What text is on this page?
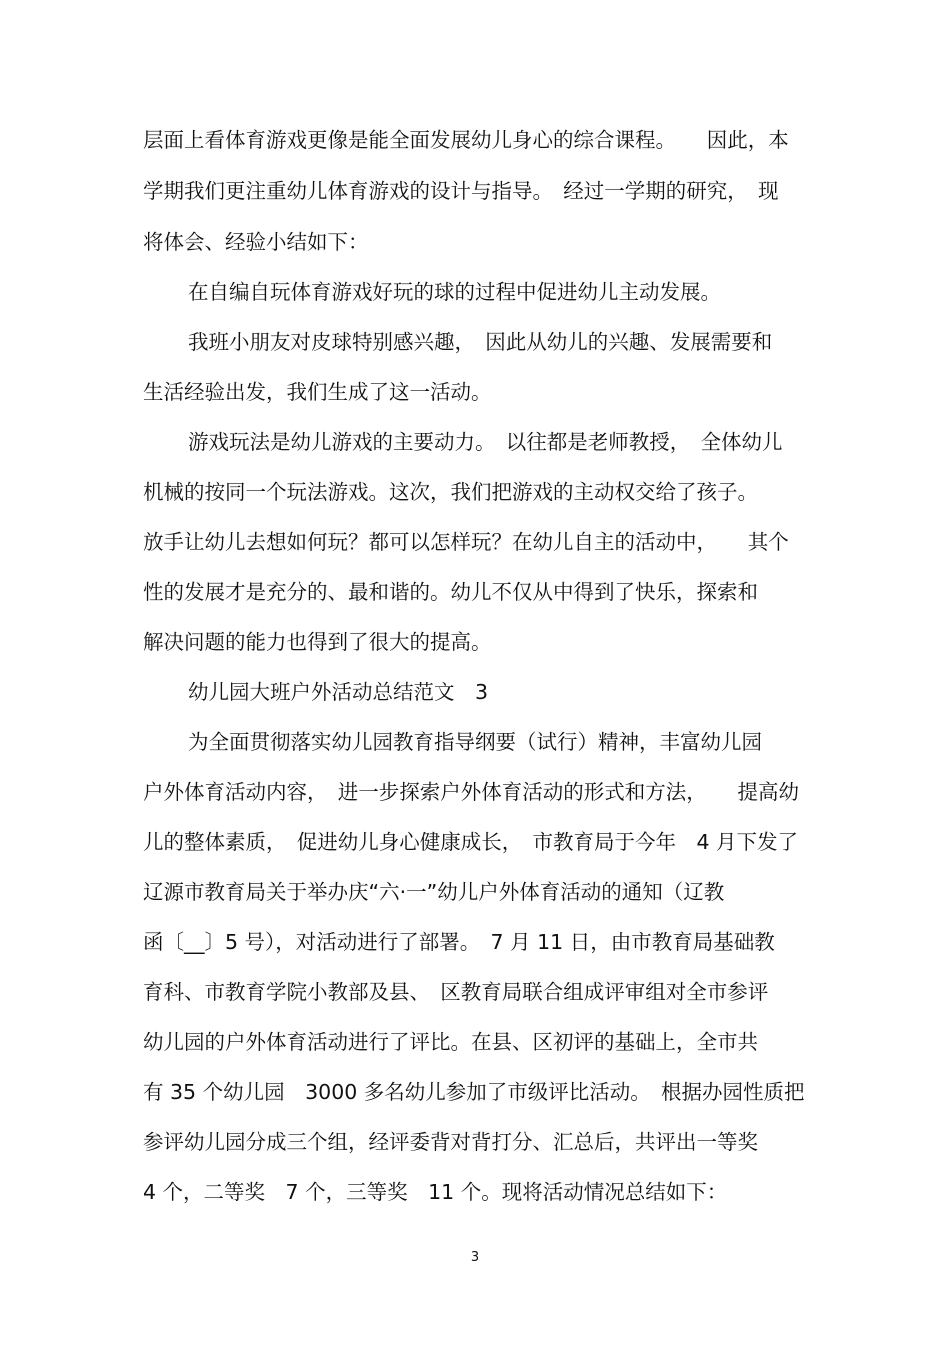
层面上看体育游戏更像是能全面发展幼儿身心的综合课程。　　因此，本
学期我们更注重幼儿体育游戏的设计与指导。　经过一学期的研究，　现
将体会、经验小结如下：
在自编自玩体育游戏好玩的球的过程中促进幼儿主动发展。
我班小朋友对皮球特别感兴趣，　因此从幼儿的兴趣、发展需要和
生活经验出发，我们生成了这一活动。
游戏玩法是幼儿游戏的主要动力。　以往都是老师教授，　全体幼儿
机械的按同一个玩法游戏。这次，我们把游戏的主动权交给了孩子。
放手让幼儿去想如何玩？都可以怎样玩？在幼儿自主的活动中，　　其个
性的发展才是充分的、最和谐的。幼儿不仅从中得到了快乐，探索和
解决问题的能力也得到了很大的提高。
幼儿园大班户外活动总结范文　3
为全面贯彻落实幼儿园教育指导纲要（试行）精神，丰富幼儿园
户外体育活动内容，　进一步探索户外体育活动的形式和方法，　　提高幼
儿的整体素质，　促进幼儿身心健康成长，　市教育局于今年　4 月下发了
辽源市教育局关于举办庆“六·一”幼儿户外体育活动的通知（辽教
函〔__〕5 号），对活动进行了部署。　7 月 11 日，由市教育局基础教
育科、市教育学院小教部及县、　区教育局联合组成评审组对全市参评
幼儿园的户外体育活动进行了评比。在县、区初评的基础上，全市共
有 35 个幼儿园　3000 多名幼儿参加了市级评比活动。　根据办园性质把
参评幼儿园分成三个组，经评委背对背打分、汇总后，共评出一等奖
4 个，二等奖　7 个，三等奖　11 个。现将活动情况总结如下：
3
